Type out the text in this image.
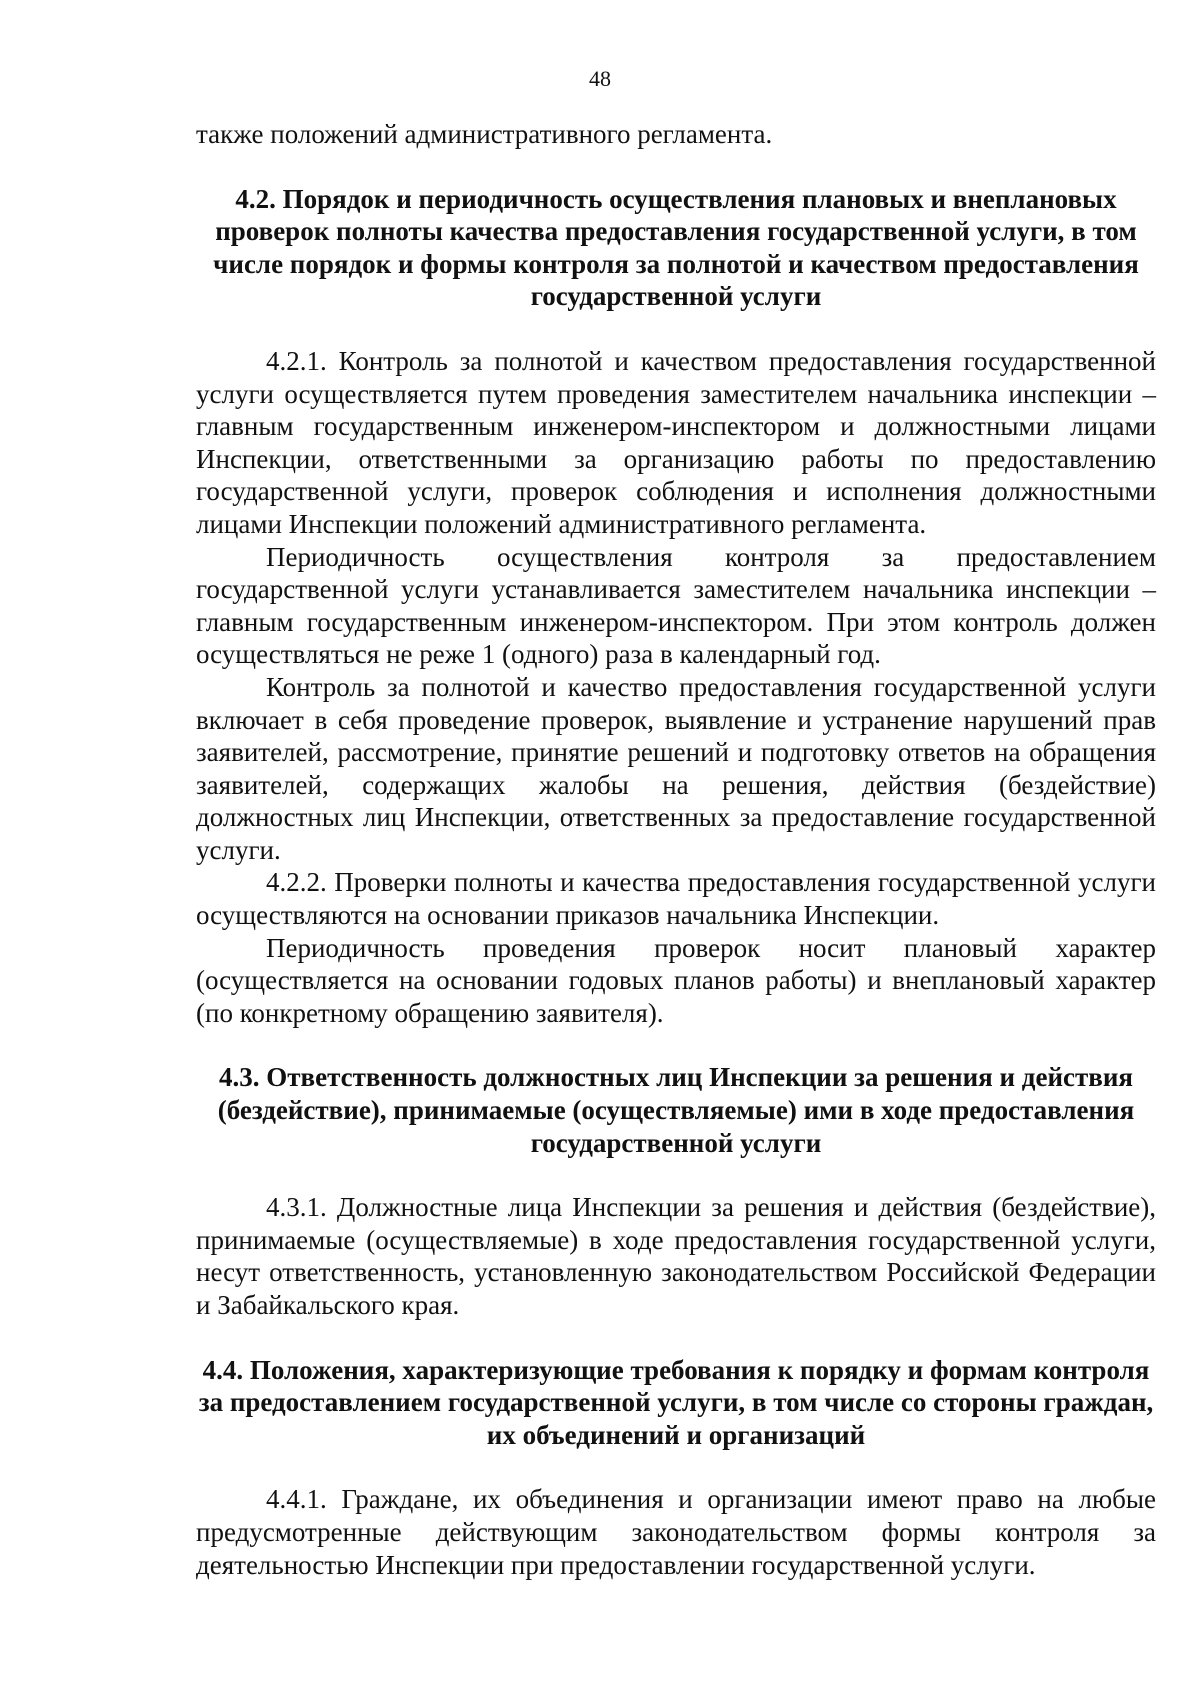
48

также положений административного регламента.

4.2. Порядок и периодичность осуществления плановых и внеплановых проверок полноты качества предоставления государственной услуги, в том числе порядок и формы контроля за полнотой и качеством предоставления государственной услуги

4.2.1. Контроль за полнотой и качеством предоставления государственной услуги осуществляется путем проведения заместителем начальника инспекции – главным государственным инженером-инспектором и должностными лицами Инспекции, ответственными за организацию работы по предоставлению государственной услуги, проверок соблюдения и исполнения должностными лицами Инспекции положений административного регламента.

Периодичность осуществления контроля за предоставлением государственной услуги устанавливается заместителем начальника инспекции – главным государственным инженером-инспектором. При этом контроль должен осуществляться не реже 1 (одного) раза в календарный год.

Контроль за полнотой и качество предоставления государственной услуги включает в себя проведение проверок, выявление и устранение нарушений прав заявителей, рассмотрение, принятие решений и подготовку ответов на обращения заявителей, содержащих жалобы на решения, действия (бездействие) должностных лиц Инспекции, ответственных за предоставление государственной услуги.

4.2.2. Проверки полноты и качества предоставления государственной услуги осуществляются на основании приказов начальника Инспекции.

Периодичность проведения проверок носит плановый характер (осуществляется на основании годовых планов работы) и внеплановый характер (по конкретному обращению заявителя).

4.3. Ответственность должностных лиц Инспекции за решения и действия (бездействие), принимаемые (осуществляемые) ими в ходе предоставления государственной услуги

4.3.1. Должностные лица Инспекции за решения и действия (бездействие), принимаемые (осуществляемые) в ходе предоставления государственной услуги, несут ответственность, установленную законодательством Российской Федерации и Забайкальского края.

4.4. Положения, характеризующие требования к порядку и формам контроля за предоставлением государственной услуги, в том числе со стороны граждан, их объединений и организаций

4.4.1. Граждане, их объединения и организации имеют право на любые предусмотренные действующим законодательством формы контроля за деятельностью Инспекции при предоставлении государственной услуги.
